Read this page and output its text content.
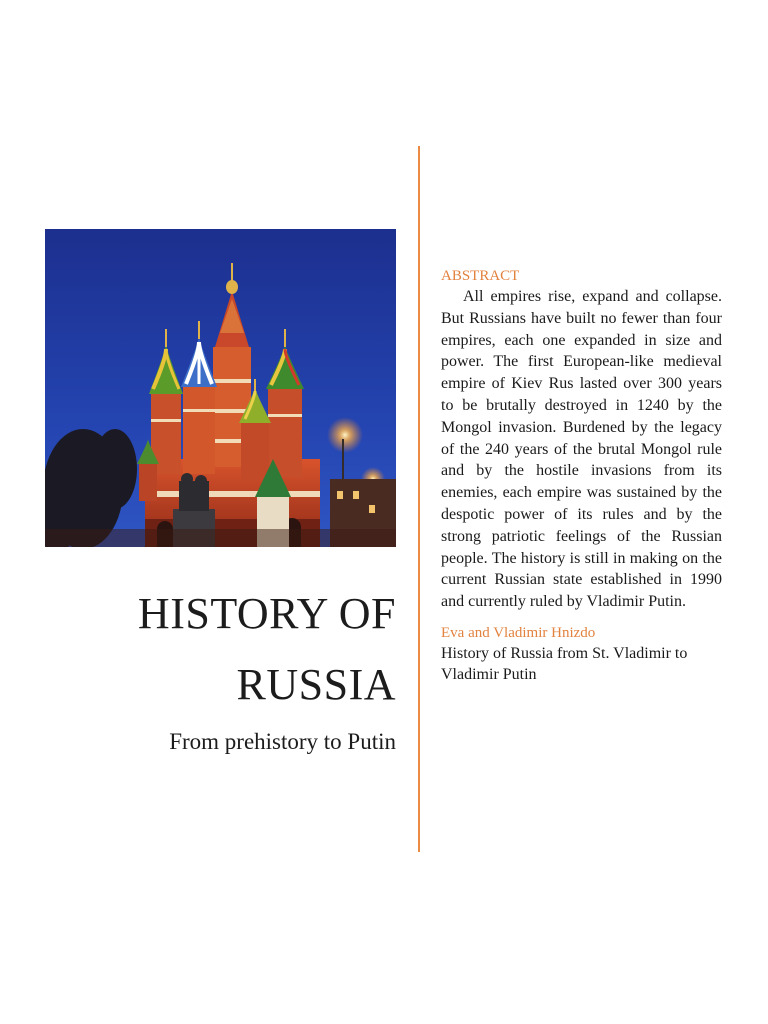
HISTORY OF
RUSSIA
From prehistory to Putin
ABSTRACT

All empires rise, expand and collapse. But Russians have built no fewer than four empires, each one expanded in size and power. The first European-like medieval empire of Kiev Rus lasted over 300 years to be brutally destroyed in 1240 by the Mongol invasion. Burdened by the legacy of the 240 years of the brutal Mongol rule and by the hostile invasions from its enemies, each empire was sustained by the despotic power of its rules and by the strong patriotic feelings of the Russian people. The history is still in making on the current Russian state established in 1990 and currently ruled by Vladimir Putin.

Eva and Vladimir Hnizdo

History of Russia from St. Vladimir to Vladimir Putin
